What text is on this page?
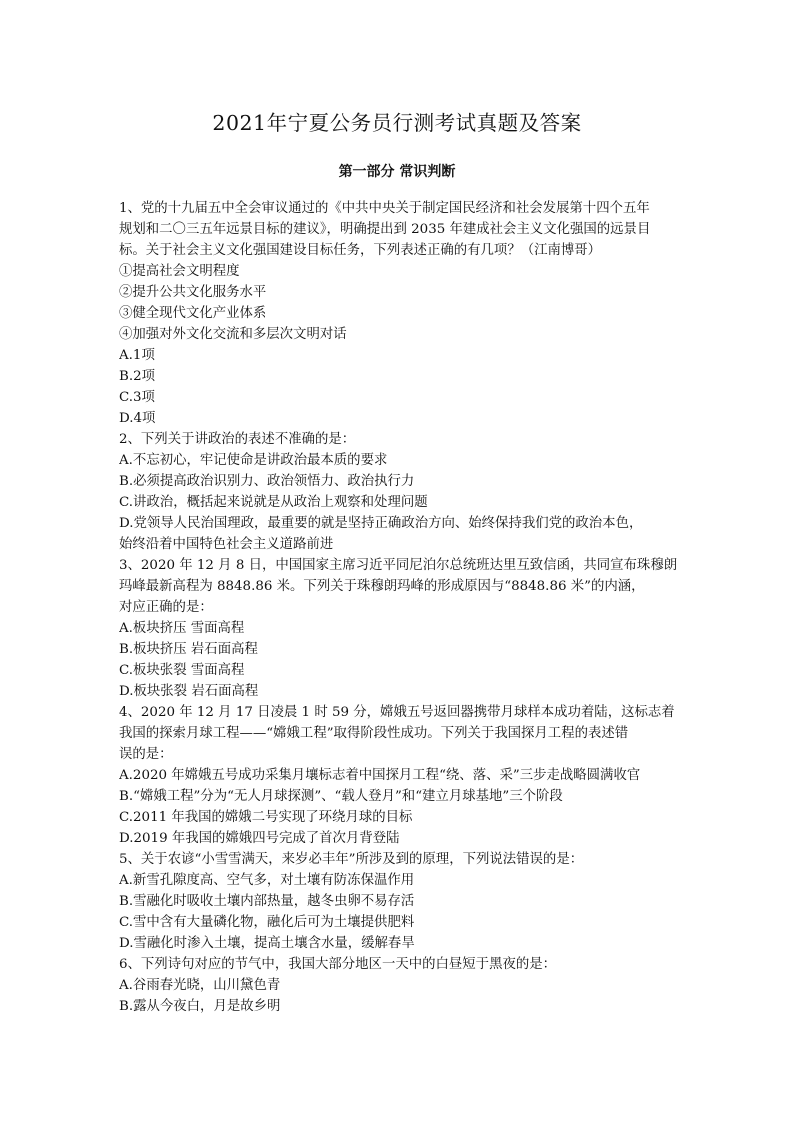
2021年宁夏公务员行测考试真题及答案
第一部分 常识判断
1、党的十九届五中全会审议通过的《中共中央关于制定国民经济和社会发展第十四个五年
规划和二〇三五年远景目标的建议》，明确提出到 2035 年建成社会主义文化强国的远景目
标。关于社会主义文化强国建设目标任务，下列表述正确的有几项？（江南博哥）
①提高社会文明程度
②提升公共文化服务水平
③健全现代文化产业体系
④加强对外文化交流和多层次文明对话
A.1项
B.2项
C.3项
D.4项
2、下列关于讲政治的表述不准确的是：
A.不忘初心，牢记使命是讲政治最本质的要求
B.必须提高政治识别力、政治领悟力、政治执行力
C.讲政治，概括起来说就是从政治上观察和处理问题
D.党领导人民治国理政，最重要的就是坚持正确政治方向、始终保持我们党的政治本色，
始终沿着中国特色社会主义道路前进
3、2020 年 12 月 8 日，中国国家主席习近平同尼泊尔总统班达里互致信函，共同宣布珠穆朗
玛峰最新高程为 8848.86 米。下列关于珠穆朗玛峰的形成原因与“8848.86 米”的内涵，
对应正确的是：
A.板块挤压 雪面高程
B.板块挤压 岩石面高程
C.板块张裂 雪面高程
D.板块张裂 岩石面高程
4、2020 年 12 月 17 日凌晨 1 时 59 分，嫦娥五号返回器携带月球样本成功着陆，这标志着
我国的探索月球工程——“嫦娥工程”取得阶段性成功。下列关于我国探月工程的表述错
误的是：
A.2020 年嫦娥五号成功采集月壤标志着中国探月工程“绕、落、采”三步走战略圆满收官
B.“嫦娥工程”分为“无人月球探测”、“载人登月”和“建立月球基地”三个阶段
C.2011 年我国的嫦娥二号实现了环绕月球的目标
D.2019 年我国的嫦娥四号完成了首次月背登陆
5、关于农谚“小雪雪满天，来岁必丰年”所涉及到的原理，下列说法错误的是：
A.新雪孔隙度高、空气多，对土壤有防冻保温作用
B.雪融化时吸收土壤内部热量，越冬虫卵不易存活
C.雪中含有大量磷化物，融化后可为土壤提供肥料
D.雪融化时渗入土壤，提高土壤含水量，缓解春旱
6、下列诗句对应的节气中，我国大部分地区一天中的白昼短于黑夜的是：
A.谷雨春光晓，山川黛色青
B.露从今夜白，月是故乡明
